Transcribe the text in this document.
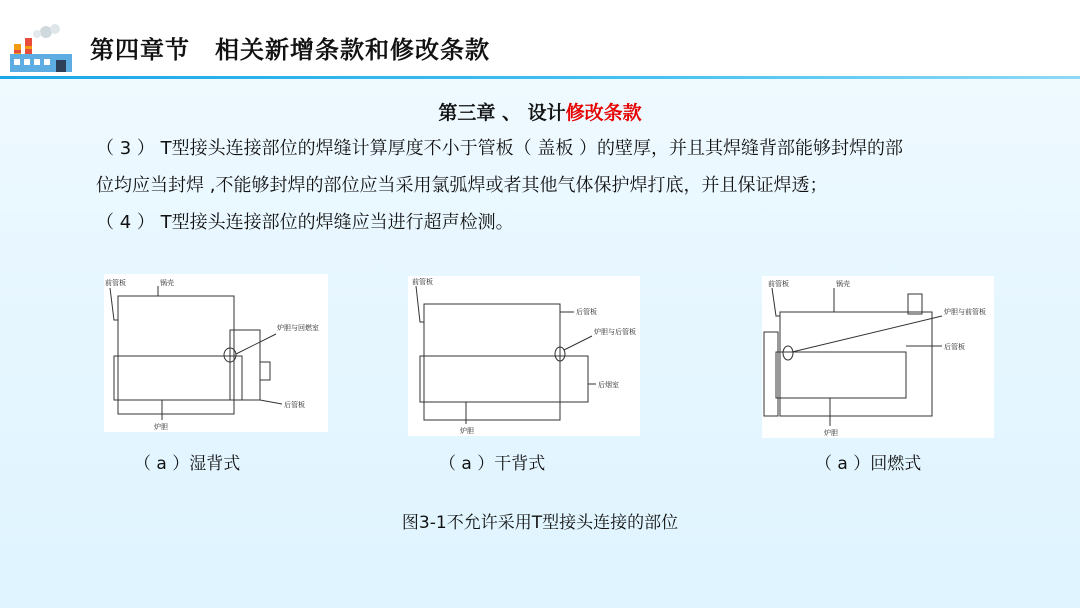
第四章节　相关新增条款和修改条款
第三章 、 设计修改条款
（ 3 ） T型接头连接部位的焊缝计算厚度不小于管板（ 盖板 ）的壁厚，并且其焊缝背部能够封焊的部
位均应当封焊 ,不能够封焊的部位应当采用氯弧焊或者其他气体保护焊打底，并且保证焊透；
（ 4 ） T型接头连接部位的焊缝应当进行超声检测。
前管板	锅壳
炉胆与回燃室
后管板
炉胆
前管板
后管板
炉胆与后管板
后烟室
炉胆
前管板	锅壳
炉胆与前管板
后管板
炉胆
（ a ）湿背式	（ a ）干背式	（ a ）回燃式
图3-1不允许采用T型接头连接的部位
